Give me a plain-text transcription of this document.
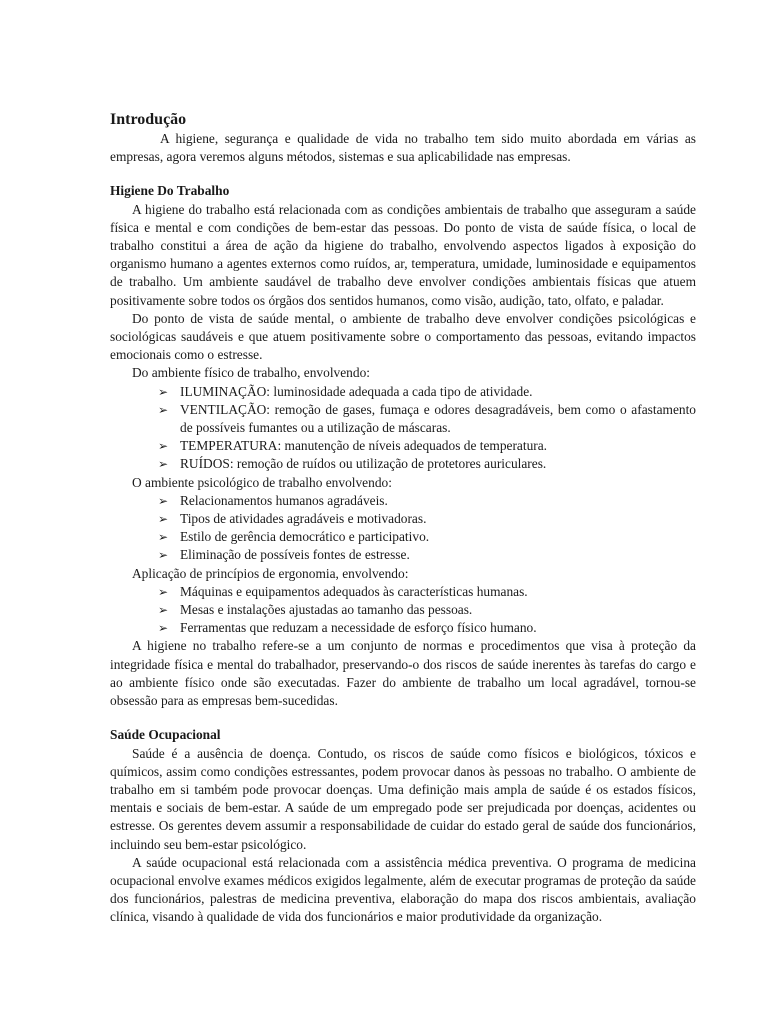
Introdução

A higiene, segurança e qualidade de vida no trabalho tem sido muito abordada em várias as empresas, agora veremos alguns métodos, sistemas e sua aplicabilidade nas empresas.

Higiene Do Trabalho

A higiene do trabalho está relacionada com as condições ambientais de trabalho que asseguram a saúde física e mental e com condições de bem-estar das pessoas. Do ponto de vista de saúde física, o local de trabalho constitui a área de ação da higiene do trabalho, envolvendo aspectos ligados à exposição do organismo humano a agentes externos como ruídos, ar, temperatura, umidade, luminosidade e equipamentos de trabalho. Um ambiente saudável de trabalho deve envolver condições ambientais físicas que atuem positivamente sobre todos os órgãos dos sentidos humanos, como visão, audição, tato, olfato, e paladar.

Do ponto de vista de saúde mental, o ambiente de trabalho deve envolver condições psicológicas e sociológicas saudáveis e que atuem positivamente sobre o comportamento das pessoas, evitando impactos emocionais como o estresse.

Do ambiente físico de trabalho, envolvendo:
➢ ILUMINAÇÃO: luminosidade adequada a cada tipo de atividade.
➢ VENTILAÇÃO: remoção de gases, fumaça e odores desagradáveis, bem como o afastamento de possíveis fumantes ou a utilização de máscaras.
➢ TEMPERATURA: manutenção de níveis adequados de temperatura.
➢ RUÍDOS: remoção de ruídos ou utilização de protetores auriculares.
O ambiente psicológico de trabalho envolvendo:
➢ Relacionamentos humanos agradáveis.
➢ Tipos de atividades agradáveis e motivadoras.
➢ Estilo de gerência democrático e participativo.
➢ Eliminação de possíveis fontes de estresse.
Aplicação de princípios de ergonomia, envolvendo:
➢ Máquinas e equipamentos adequados às características humanas.
➢ Mesas e instalações ajustadas ao tamanho das pessoas.
➢ Ferramentas que reduzam a necessidade de esforço físico humano.

A higiene no trabalho refere-se a um conjunto de normas e procedimentos que visa à proteção da integridade física e mental do trabalhador, preservando-o dos riscos de saúde inerentes às tarefas do cargo e ao ambiente físico onde são executadas. Fazer do ambiente de trabalho um local agradável, tornou-se obsessão para as empresas bem-sucedidas.

Saúde Ocupacional

Saúde é a ausência de doença. Contudo, os riscos de saúde como físicos e biológicos, tóxicos e químicos, assim como condições estressantes, podem provocar danos às pessoas no trabalho. O ambiente de trabalho em si também pode provocar doenças. Uma definição mais ampla de saúde é os estados físicos, mentais e sociais de bem-estar. A saúde de um empregado pode ser prejudicada por doenças, acidentes ou estresse. Os gerentes devem assumir a responsabilidade de cuidar do estado geral de saúde dos funcionários, incluindo seu bem-estar psicológico.

A saúde ocupacional está relacionada com a assistência médica preventiva. O programa de medicina ocupacional envolve exames médicos exigidos legalmente, além de executar programas de proteção da saúde dos funcionários, palestras de medicina preventiva, elaboração do mapa dos riscos ambientais, avaliação clínica, visando à qualidade de vida dos funcionários e maior produtividade da organização.
